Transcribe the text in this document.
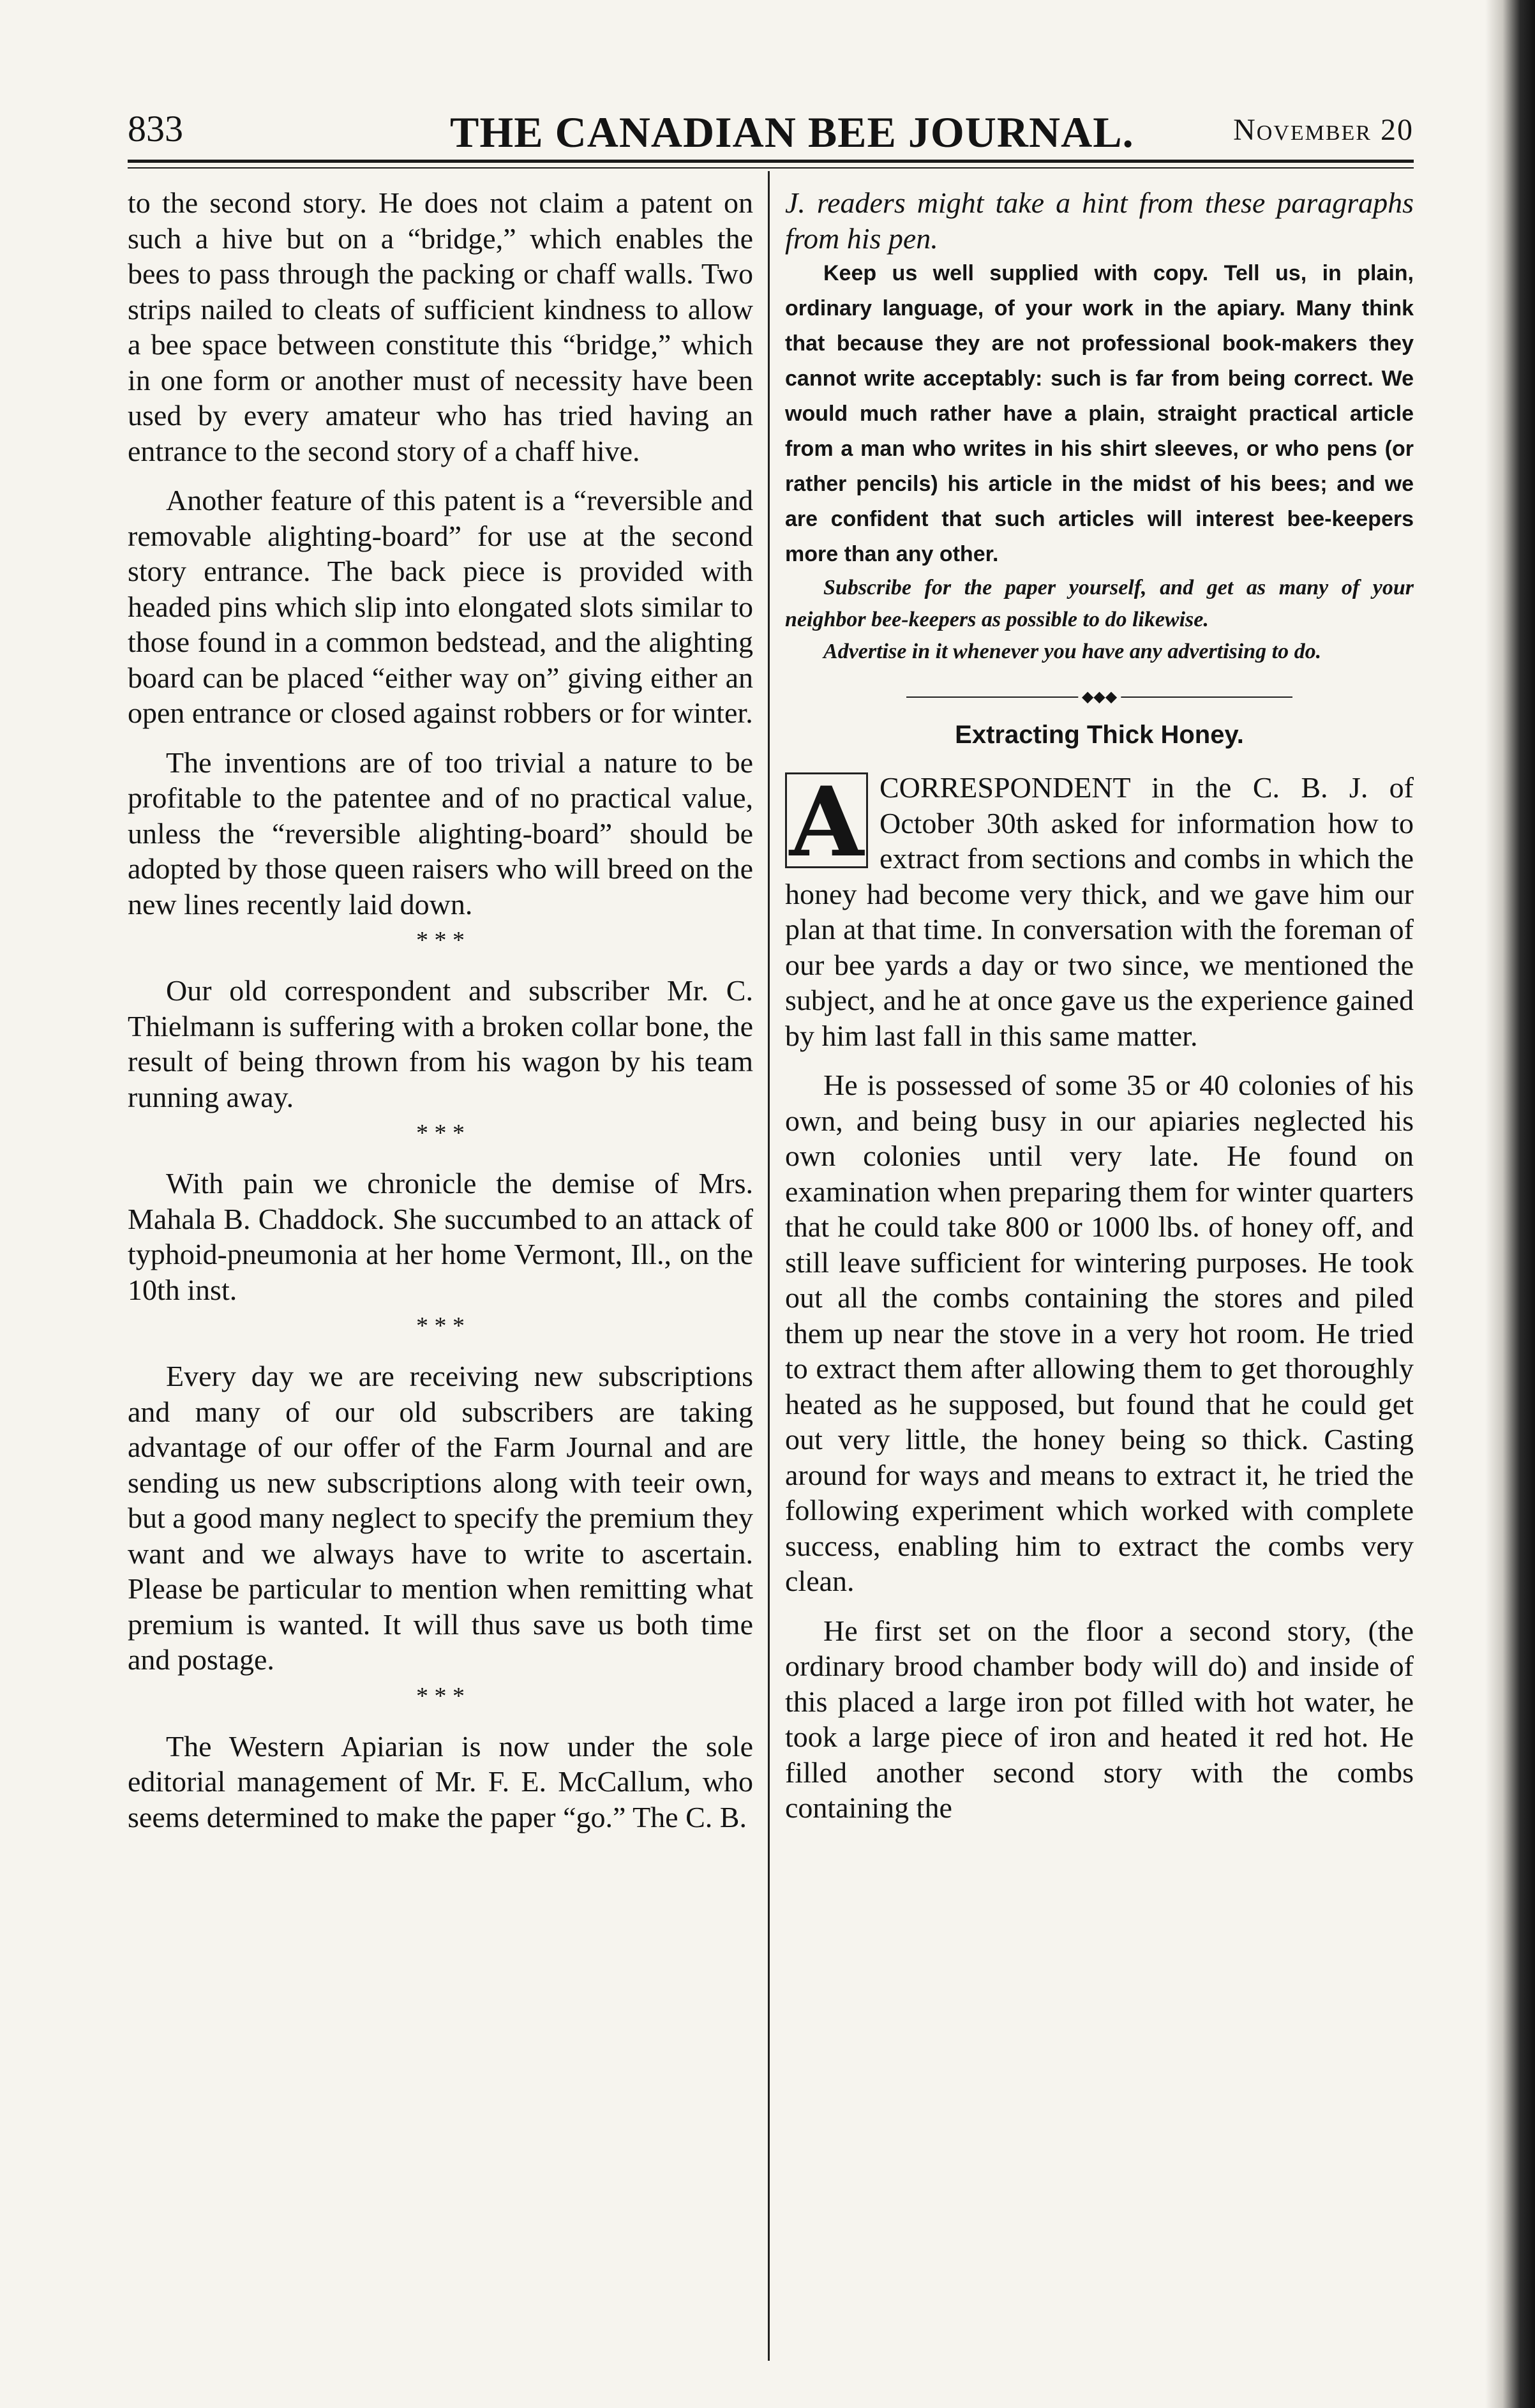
833	THE CANADIAN BEE JOURNAL.	November 20

to the second story. He does not claim a patent on such a hive but on a “bridge,” which enables the bees to pass through the packing or chaff walls. Two strips nailed to cleats of sufficient kindness to allow a bee space between constitute this “bridge,” which in one form or another must of necessity have been used by every amateur who has tried having an entrance to the second story of a chaff hive.

Another feature of this patent is a “reversible and removable alighting-board” for use at the second story entrance. The back piece is provided with headed pins which slip into elongated slots similar to those found in a common bedstead, and the alighting board can be placed “either way on” giving either an open entrance or closed against robbers or for winter.

The inventions are of too trivial a nature to be profitable to the patentee and of no practical value, unless the “reversible alighting-board” should be adopted by those queen raisers who will breed on the new lines recently laid down.

* * *

Our old correspondent and subscriber Mr. C. Thielmann is suffering with a broken collar bone, the result of being thrown from his wagon by his team running away.

* * *

With pain we chronicle the demise of Mrs. Mahala B. Chaddock. She succumbed to an attack of typhoid-pneumonia at her home Vermont, Ill., on the 10th inst.

* * *

Every day we are receiving new subscriptions and many of our old subscribers are taking advantage of our offer of the Farm Journal and are sending us new subscriptions along with teeir own, but a good many neglect to specify the premium they want and we always have to write to ascertain. Please be particular to mention when remitting what premium is wanted. It will thus save us both time and postage.

* * *

The Western Apiarian is now under the sole editorial management of Mr. F. E. McCallum, who seems determined to make the paper “go.” The C. B.

J. readers might take a hint from these paragraphs from his pen.

Keep us well supplied with copy. Tell us, in plain, ordinary language, of your work in the apiary. Many think that because they are not professional book-makers they cannot write acceptably: such is far from being correct. We would much rather have a plain, straight practical article from a man who writes in his shirt sleeves, or who pens (or rather pencils) his article in the midst of his bees; and we are confident that such articles will interest bee-keepers more than any other.

Subscribe for the paper yourself, and get as many of your neighbor bee-keepers as possible to do likewise.

Advertise in it whenever you have any advertising to do.

◆◆◆
Extracting Thick Honey.
A CORRESPONDENT in the C. B. J. of October 30th asked for information how to extract from sections and combs in which the honey had become very thick, and we gave him our plan at that time. In conversation with the foreman of our bee yards a day or two since, we mentioned the subject, and he at once gave us the experience gained by him last fall in this same matter.

He is possessed of some 35 or 40 colonies of his own, and being busy in our apiaries neglected his own colonies until very late. He found on examination when preparing them for winter quarters that he could take 800 or 1000 lbs. of honey off, and still leave sufficient for wintering purposes. He took out all the combs containing the stores and piled them up near the stove in a very hot room. He tried to extract them after allowing them to get thoroughly heated as he supposed, but found that he could get out very little, the honey being so thick. Casting around for ways and means to extract it, he tried the following experiment which worked with complete success, enabling him to extract the combs very clean.

He first set on the floor a second story, (the ordinary brood chamber body will do) and inside of this placed a large iron pot filled with hot water, he took a large piece of iron and heated it red hot. He filled another second story with the combs containing the
